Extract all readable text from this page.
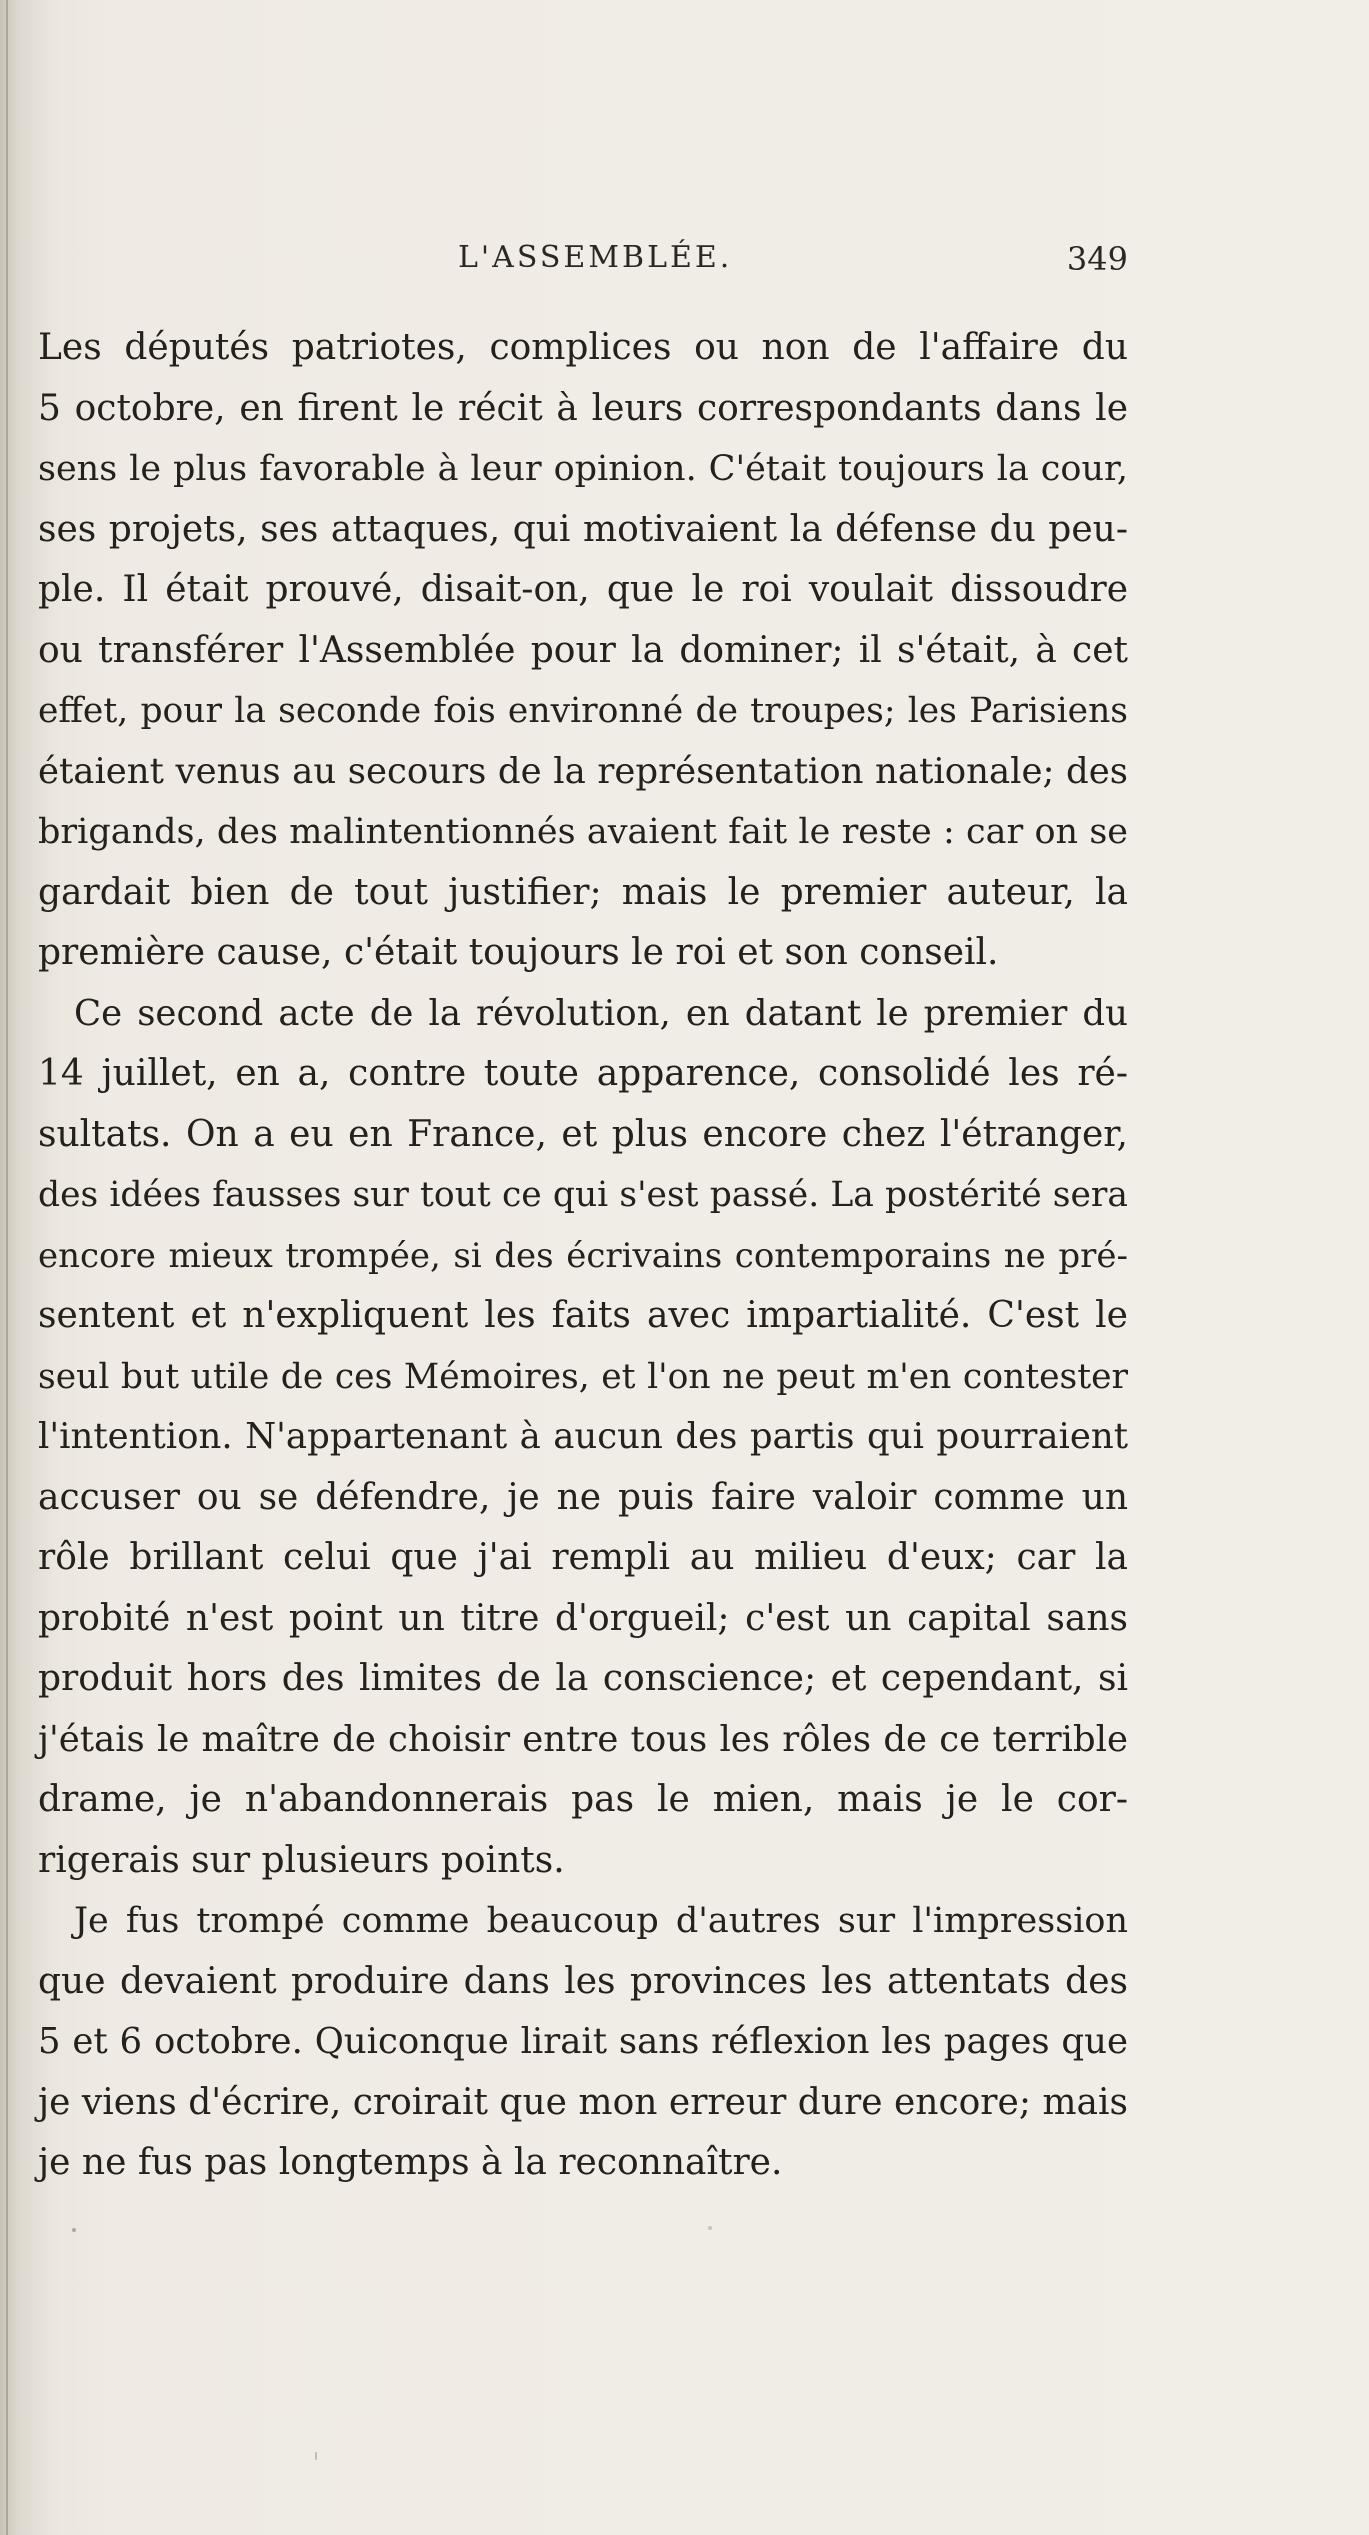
L'ASSEMBLÉE.	349
Les députés patriotes, complices ou non de l'affaire du
5 octobre, en firent le récit à leurs correspondants dans le
sens le plus favorable à leur opinion. C'était toujours la cour,
ses projets, ses attaques, qui motivaient la défense du peu-
ple. Il était prouvé, disait-on, que le roi voulait dissoudre
ou transférer l'Assemblée pour la dominer; il s'était, à cet
effet, pour la seconde fois environné de troupes; les Parisiens
étaient venus au secours de la représentation nationale; des
brigands, des malintentionnés avaient fait le reste : car on se
gardait bien de tout justifier; mais le premier auteur, la
première cause, c'était toujours le roi et son conseil.
Ce second acte de la révolution, en datant le premier du
14 juillet, en a, contre toute apparence, consolidé les ré-
sultats. On a eu en France, et plus encore chez l'étranger,
des idées fausses sur tout ce qui s'est passé. La postérité sera
encore mieux trompée, si des écrivains contemporains ne pré-
sentent et n'expliquent les faits avec impartialité. C'est le
seul but utile de ces Mémoires, et l'on ne peut m'en contester
l'intention. N'appartenant à aucun des partis qui pourraient
accuser ou se défendre, je ne puis faire valoir comme un
rôle brillant celui que j'ai rempli au milieu d'eux; car la
probité n'est point un titre d'orgueil; c'est un capital sans
produit hors des limites de la conscience; et cependant, si
j'étais le maître de choisir entre tous les rôles de ce terrible
drame, je n'abandonnerais pas le mien, mais je le cor-
rigerais sur plusieurs points.
Je fus trompé comme beaucoup d'autres sur l'impression
que devaient produire dans les provinces les attentats des
5 et 6 octobre. Quiconque lirait sans réflexion les pages que
je viens d'écrire, croirait que mon erreur dure encore; mais
je ne fus pas longtemps à la reconnaître.
